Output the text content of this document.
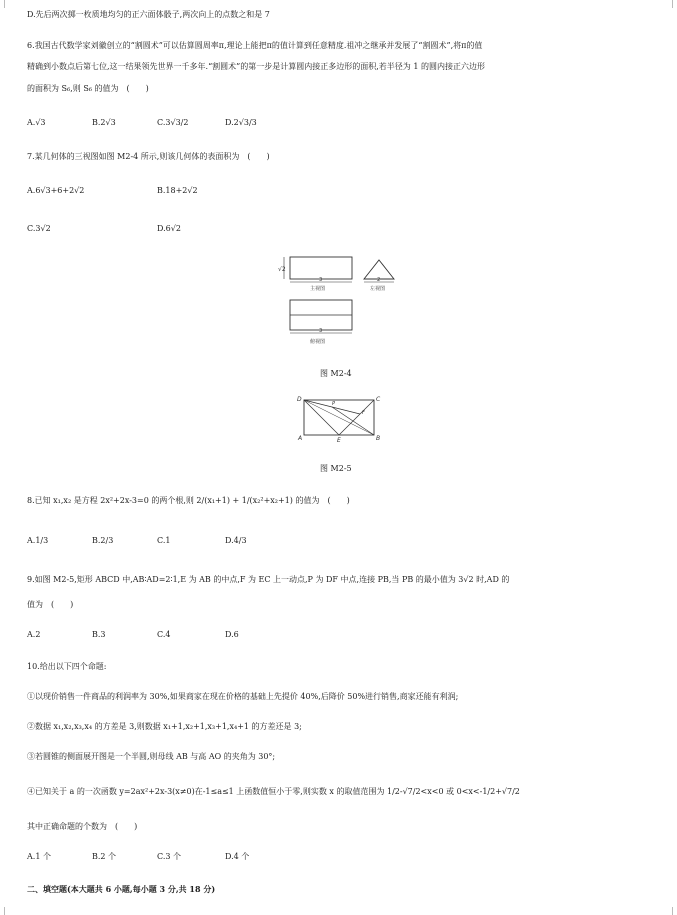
D.先后两次掷一枚质地均匀的正六面体骰子,两次向上的点数之和是 7
6.我国古代数学家刘徽创立的“割圆术”可以估算圆周率π,理论上能把π的值计算到任意精度.祖冲之继承并发展了“割圆术”,将π的值
精确到小数点后第七位,这一结果领先世界一千多年.“割圆术”的第一步是计算圆内接正多边形的面积,若半径为 1 的圆内接正六边形
的面积为 S₆,则 S₆ 的值为　(　　)
A.√3	B.2√3	C.3√3/2	D.2√3/3
7.某几何体的三视图如图 M2-4 所示,则该几何体的表面积为　(　　)
A.6√3+6+2√2	B.18+2√2
C.3√2	D.6√2
√2
3
主视图
2
左视图
3
俯视图
图 M2-4
D	C
F
P
A	E	B
图 M2-5
8.已知 x₁,x₂ 是方程 2x²+2x-3=0 的两个根,则 2/(x₁+1) + 1/(x₂²+x₂+1) 的值为　(　　)
A.1/3	B.2/3	C.1	D.4/3
9.如图 M2-5,矩形 ABCD 中,AB∶AD=2∶1,E 为 AB 的中点,F 为 EC 上一动点,P 为 DF 中点,连接 PB,当 PB 的最小值为 3√2 时,AD 的
值为　(　　)
A.2	B.3	C.4	D.6
10.给出以下四个命题:
①以现价销售一件商品的利润率为 30%,如果商家在现在价格的基础上先提价 40%,后降价 50%进行销售,商家还能有利润;
②数据 x₁,x₂,x₃,x₄ 的方差是 3,则数据 x₁+1,x₂+1,x₃+1,x₄+1 的方差还是 3;
③若圆锥的侧面展开图是一个半圆,则母线 AB 与高 AO 的夹角为 30°;
④已知关于 a 的一次函数 y=2ax²+2x-3(x≠0)在-1≤a≤1 上函数值恒小于零,则实数 x 的取值范围为 1/2-√7/2<x<0 或 0<x<-1/2+√7/2
其中正确命题的个数为　(　　)
A.1 个	B.2 个	C.3 个	D.4 个
二、填空题(本大题共 6 小题,每小题 3 分,共 18 分)
